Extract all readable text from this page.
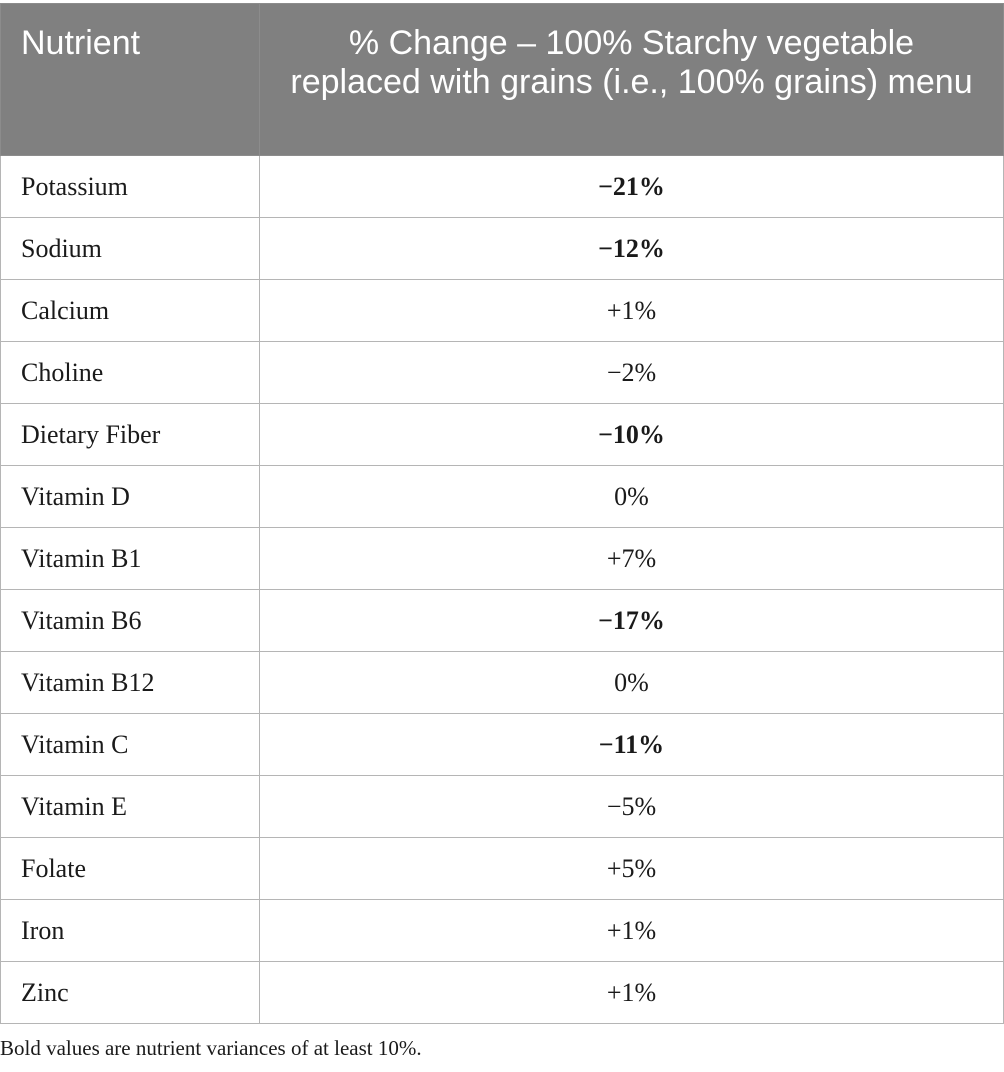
Nutrient	% Change – 100% Starchy vegetable replaced with grains (i.e., 100% grains) menu
Potassium	−21%
Sodium	−12%
Calcium	+1%
Choline	−2%
Dietary Fiber	−10%
Vitamin D	0%
Vitamin B1	+7%
Vitamin B6	−17%
Vitamin B12	0%
Vitamin C	−11%
Vitamin E	−5%
Folate	+5%
Iron	+1%
Zinc	+1%
Bold values are nutrient variances of at least 10%.
